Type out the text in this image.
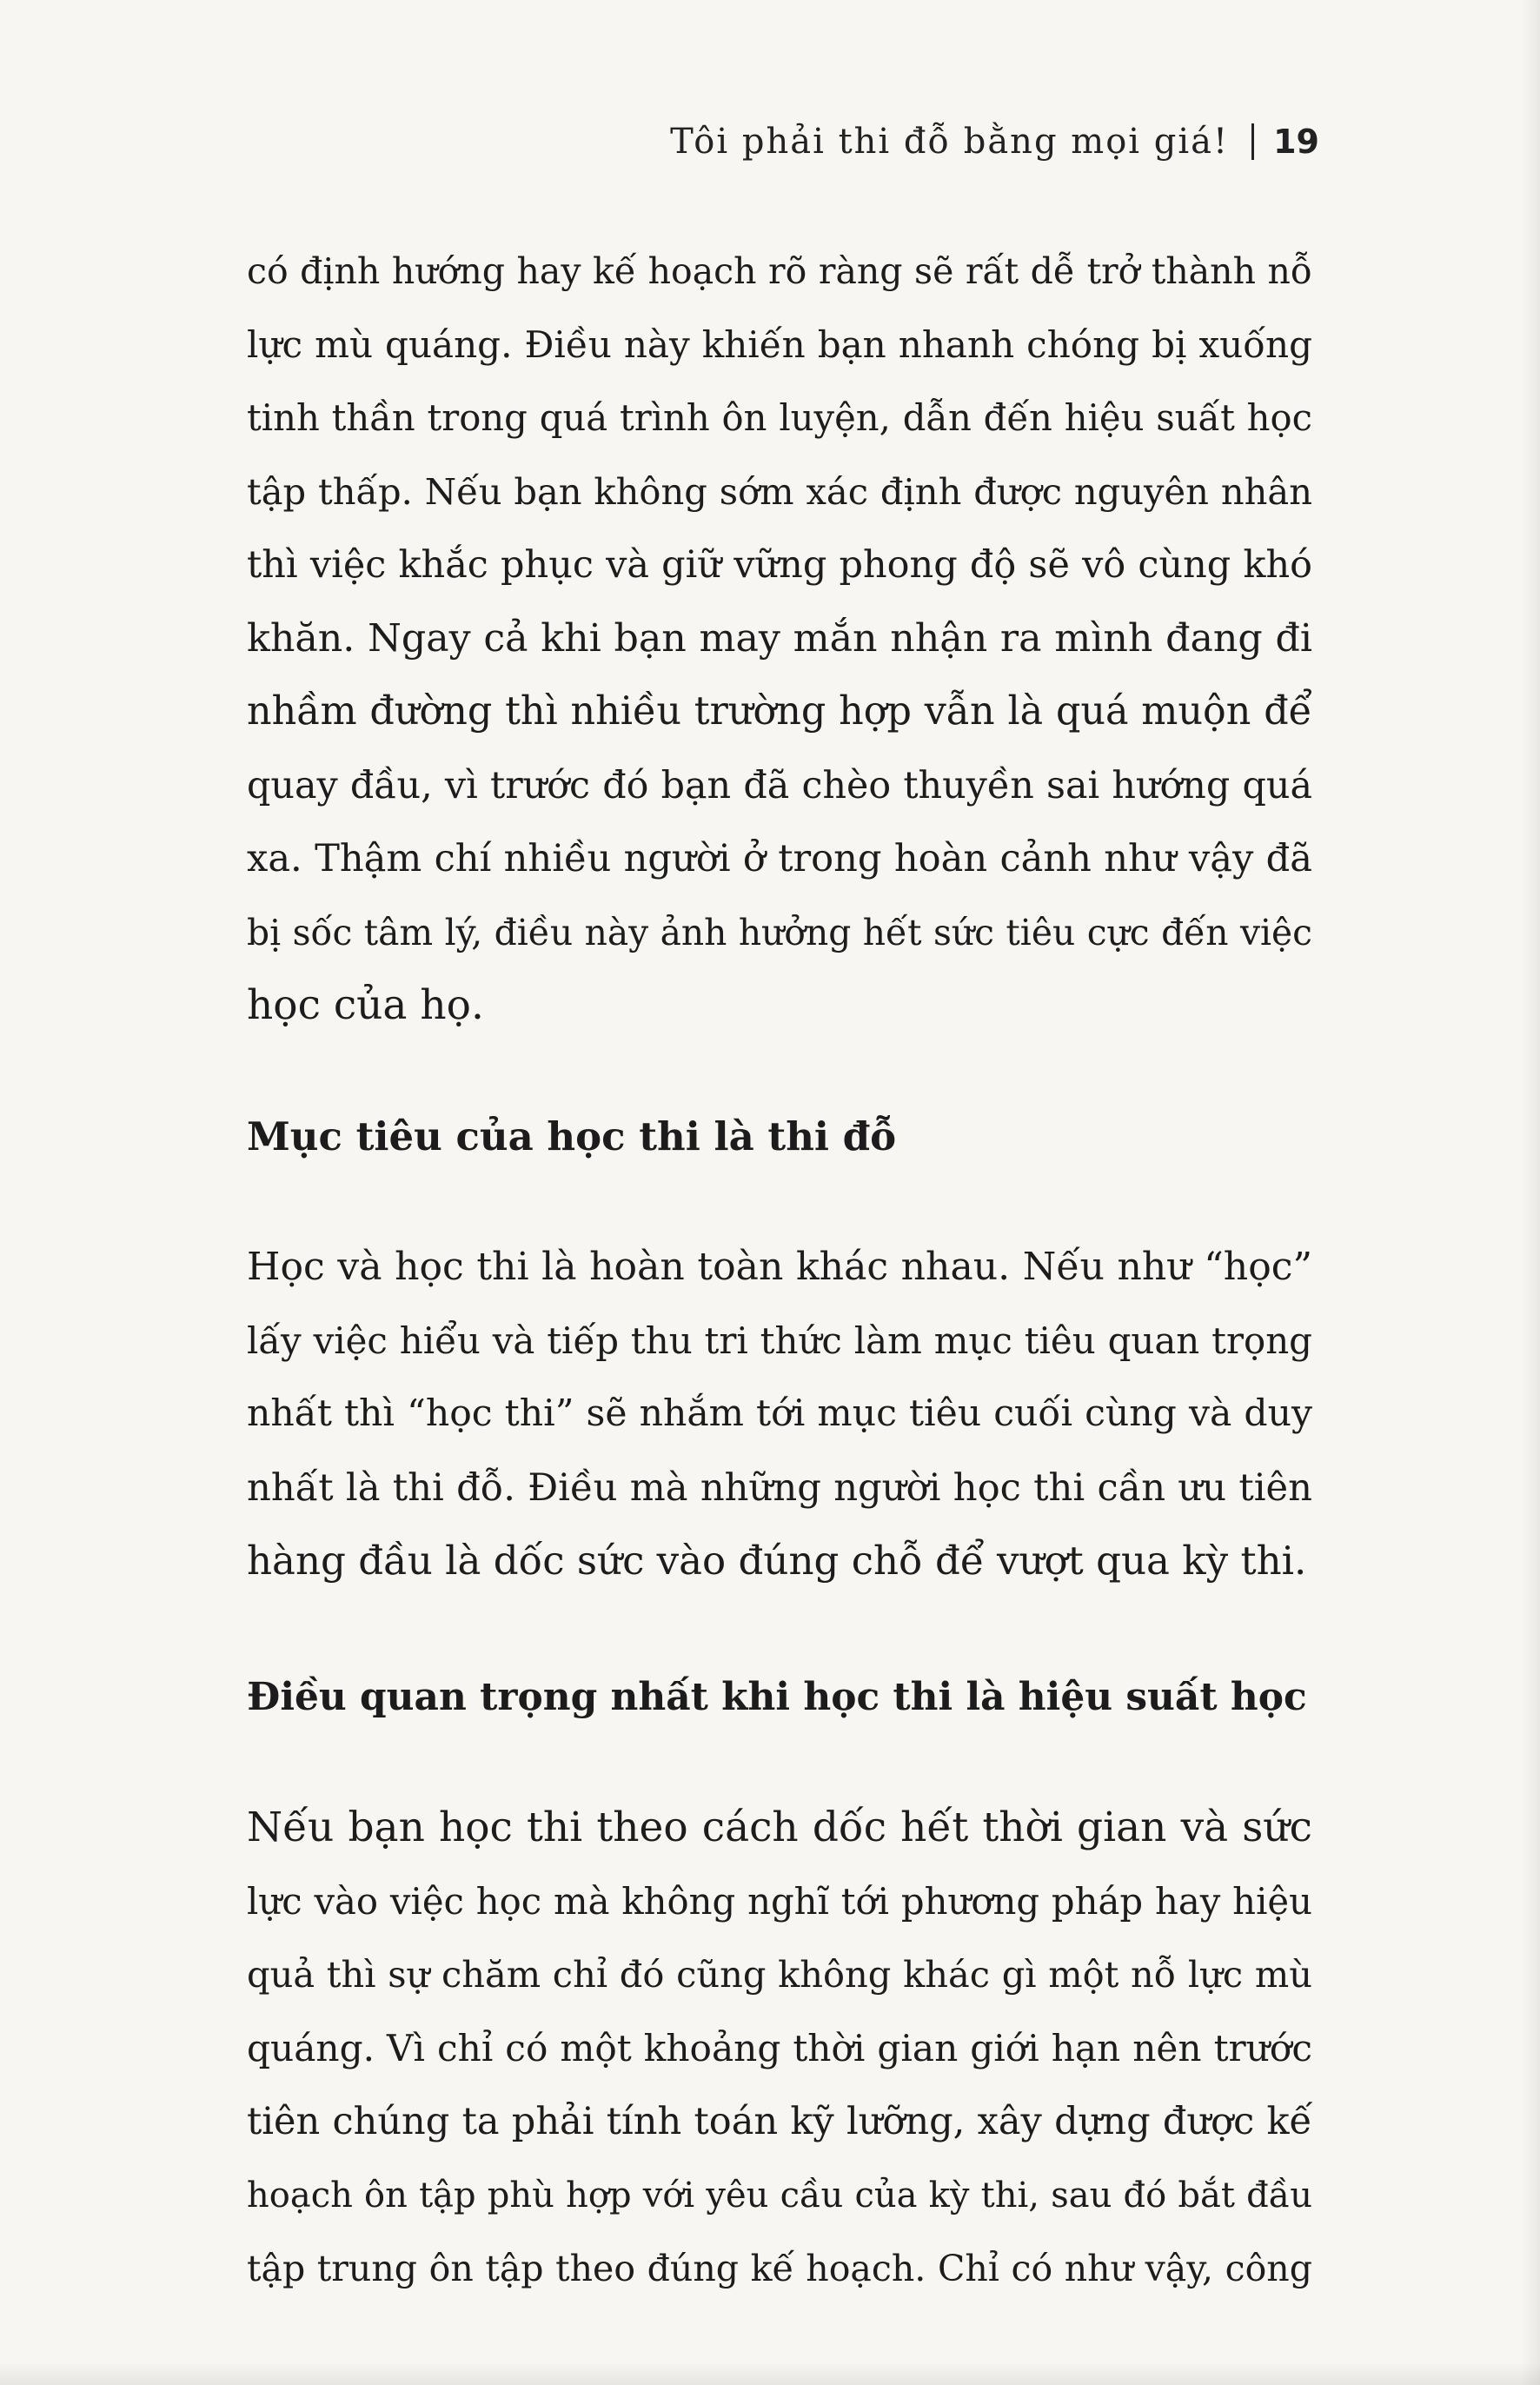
Tôi phải thi đỗ bằng mọi giá! 19
có định hướng hay kế hoạch rõ ràng sẽ rất dễ trở thành nỗ
lực mù quáng. Điều này khiến bạn nhanh chóng bị xuống
tinh thần trong quá trình ôn luyện, dẫn đến hiệu suất học
tập thấp. Nếu bạn không sớm xác định được nguyên nhân
thì việc khắc phục và giữ vững phong độ sẽ vô cùng khó
khăn. Ngay cả khi bạn may mắn nhận ra mình đang đi
nhầm đường thì nhiều trường hợp vẫn là quá muộn để
quay đầu, vì trước đó bạn đã chèo thuyền sai hướng quá
xa. Thậm chí nhiều người ở trong hoàn cảnh như vậy đã
bị sốc tâm lý, điều này ảnh hưởng hết sức tiêu cực đến việc
học của họ.
Mục tiêu của học thi là thi đỗ
Học và học thi là hoàn toàn khác nhau. Nếu như “học”
lấy việc hiểu và tiếp thu tri thức làm mục tiêu quan trọng
nhất thì “học thi” sẽ nhắm tới mục tiêu cuối cùng và duy
nhất là thi đỗ. Điều mà những người học thi cần ưu tiên
hàng đầu là dốc sức vào đúng chỗ để vượt qua kỳ thi.
Điều quan trọng nhất khi học thi là hiệu suất học
Nếu bạn học thi theo cách dốc hết thời gian và sức
lực vào việc học mà không nghĩ tới phương pháp hay hiệu
quả thì sự chăm chỉ đó cũng không khác gì một nỗ lực mù
quáng. Vì chỉ có một khoảng thời gian giới hạn nên trước
tiên chúng ta phải tính toán kỹ lưỡng, xây dựng được kế
hoạch ôn tập phù hợp với yêu cầu của kỳ thi, sau đó bắt đầu
tập trung ôn tập theo đúng kế hoạch. Chỉ có như vậy, công
